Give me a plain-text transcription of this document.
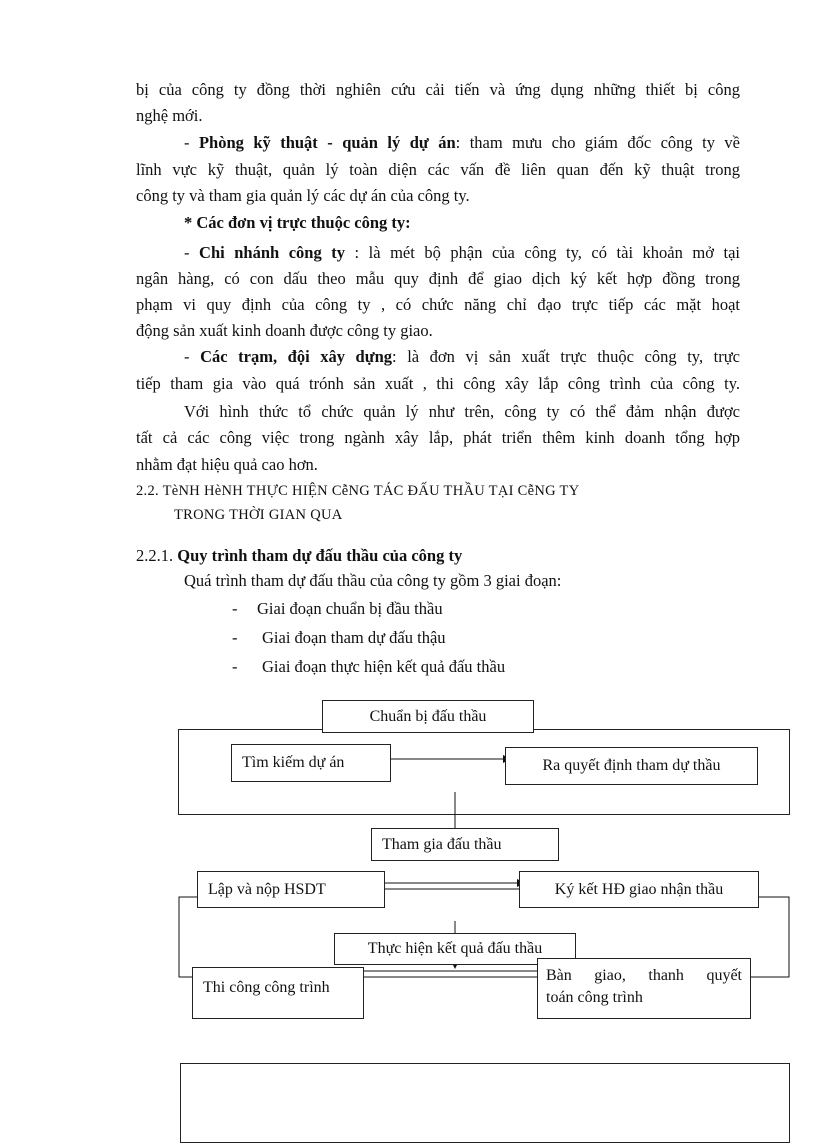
bị của công ty đồng thời nghiên cứu cải tiến và ứng dụng những thiết bị công
nghệ mới.
- Phòng kỹ thuật - quản lý dự án: tham mưu cho giám đốc công ty về
lĩnh vực kỹ thuật, quản lý toàn diện các vấn đề liên quan đến kỹ thuật trong
công ty và tham gia quản lý các dự án của công ty.
* Các đơn vị trực thuộc công ty:
- Chi nhánh công ty : là mét bộ phận của công ty, có tài khoản mở tại
ngân hàng, có con dấu theo mẫu quy định để giao dịch ký kết hợp đồng trong
phạm vi quy định của công ty , có chức năng chỉ đạo trực tiếp các mặt hoạt
động sản xuất kinh doanh được công ty giao.
- Các trạm, đội xây dựng: là đơn vị sản xuất trực thuộc công ty, trực
tiếp tham gia vào quá trónh sản xuất , thi công xây lắp công trình của công ty.
Với hình thức tổ chức quản lý như trên, công ty có thể đảm nhận được
tất cả các công việc trong ngành xây lắp, phát triển thêm kinh doanh tổng hợp
nhằm đạt hiệu quả cao hơn.
2.2. TèNH HèNH THỰC HIỆN CễNG TÁC ĐẤU THẦU TẠI CễNG TY
TRONG THỜI GIAN QUA
2.2.1. Quy trình tham dự đấu thầu của công ty
Quá trình tham dự đấu thầu của công ty gồm 3 giai đoạn:
- Giai đoạn chuẩn bị đầu thầu
- Giai đoạn tham dự đấu thậu
- Giai đoạn thực hiện kết quả đấu thầu
Chuẩn bị đấu thầu
Tìm kiếm dự án	Ra quyết định tham dự thầu
Tham gia đấu thầu
Lập và nộp HSDT	Ký kết HĐ giao nhận thầu
Thực hiện kết quả đấu thầu
Thi công công trình
Bàn giao, thanh quyết
toán công trình
